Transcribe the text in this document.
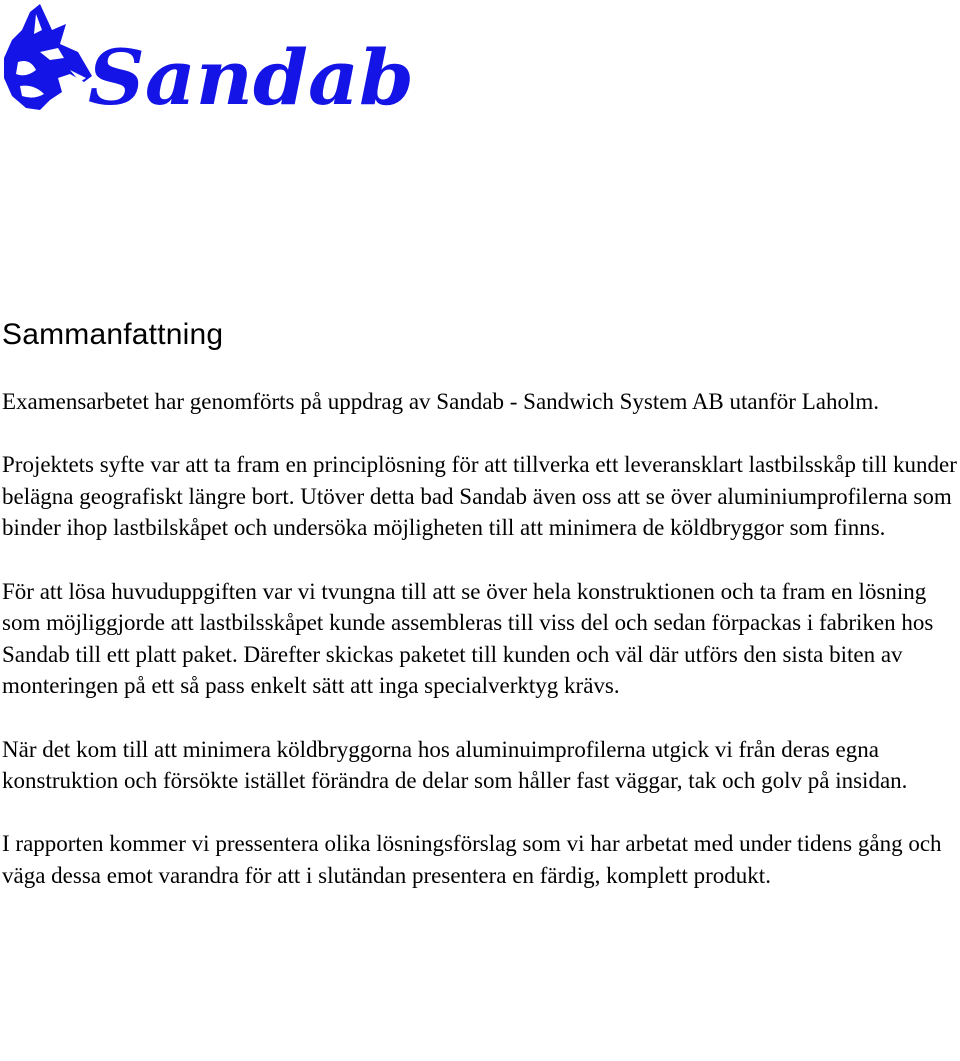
Sandab
Sammanfattning

Examensarbetet har genomförts på uppdrag av Sandab - Sandwich System AB utanför Laholm.

Projektets syfte var att ta fram en principlösning för att tillverka ett leveransklart lastbilsskåp till kunder belägna geografiskt längre bort. Utöver detta bad Sandab även oss att se över aluminiumprofilerna som binder ihop lastbilskåpet och undersöka möjligheten till att minimera de köldbryggor som finns.

För att lösa huvuduppgiften var vi tvungna till att se över hela konstruktionen och ta fram en lösning som möjliggjorde att lastbilsskåpet kunde assembleras till viss del och sedan förpackas i fabriken hos Sandab till ett platt paket. Därefter skickas paketet till kunden och väl där utförs den sista biten av monteringen på ett så pass enkelt sätt att inga specialverktyg krävs.

När det kom till att minimera köldbryggorna hos aluminuimprofilerna utgick vi från deras egna konstruktion och försökte istället förändra de delar som håller fast väggar, tak och golv på insidan.

I rapporten kommer vi pressentera olika lösningsförslag som vi har arbetat med under tidens gång och väga dessa emot varandra för att i slutändan presentera en färdig, komplett produkt.
